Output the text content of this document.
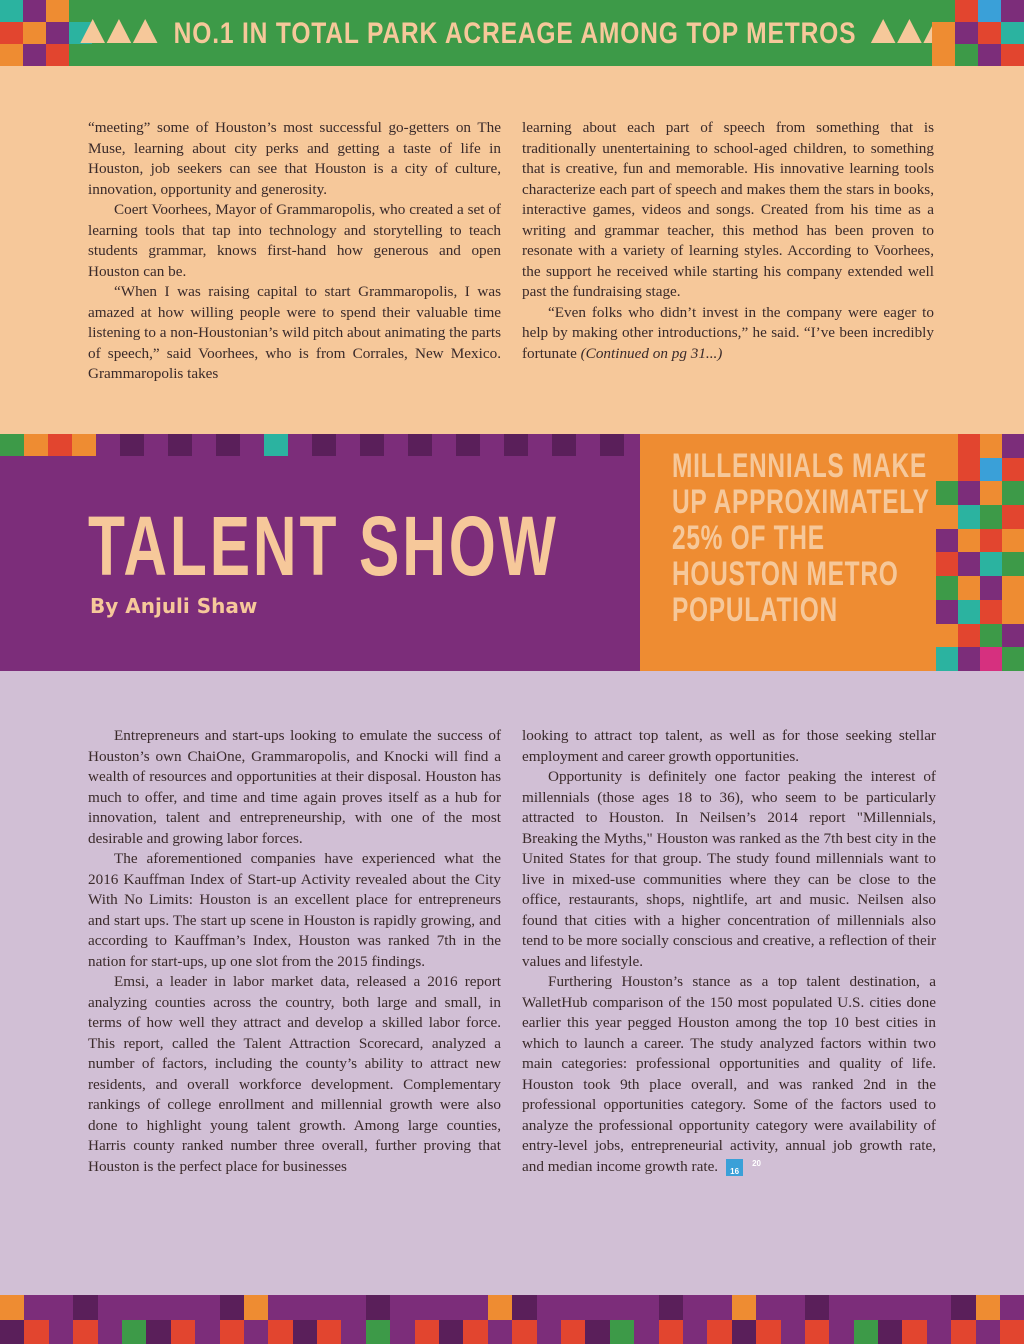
NO.1 IN TOTAL PARK ACREAGE AMONG TOP METROS

“meeting” some of Houston’s most successful go-getters on The Muse, learning about city perks and getting a taste of life in Houston, job seekers can see that Houston is a city of culture, innovation, opportunity and generosity.

Coert Voorhees, Mayor of Grammaropolis, who created a set of learning tools that tap into technology and storytelling to teach students grammar, knows first-hand how generous and open Houston can be.

“When I was raising capital to start Grammaropolis, I was amazed at how willing people were to spend their valuable time listening to a non-Houstonian’s wild pitch about animating the parts of speech,” said Voorhees, who is from Corrales, New Mexico. Grammaropolis takes

learning about each part of speech from something that is traditionally unentertaining to school-aged children, to something that is creative, fun and memorable. His innovative learning tools characterize each part of speech and makes them the stars in books, interactive games, videos and songs. Created from his time as a writing and grammar teacher, this method has been proven to resonate with a variety of learning styles. According to Voorhees, the support he received while starting his company extended well past the fundraising stage.

“Even folks who didn’t invest in the company were eager to help by making other introductions,” he said. “I’ve been incredibly fortunate (Continued on pg 31...)

TALENT SHOW
By Anjuli Shaw
MILLENNIALS MAKE UP APPROXIMATELY 25% OF THE HOUSTON METRO POPULATION

Entrepreneurs and start-ups looking to emulate the success of Houston’s own ChaiOne, Grammaropolis, and Knocki will find a wealth of resources and opportunities at their disposal. Houston has much to offer, and time and time again proves itself as a hub for innovation, talent and entrepreneurship, with one of the most desirable and growing labor forces.

The aforementioned companies have experienced what the 2016 Kauffman Index of Start-up Activity revealed about the City With No Limits: Houston is an excellent place for entrepreneurs and start ups. The start up scene in Houston is rapidly growing, and according to Kauffman’s Index, Houston was ranked 7th in the nation for start-ups, up one slot from the 2015 findings.

Emsi, a leader in labor market data, released a 2016 report analyzing counties across the country, both large and small, in terms of how well they attract and develop a skilled labor force. This report, called the Talent Attraction Scorecard, analyzed a number of factors, including the county’s ability to attract new residents, and overall workforce development. Complementary rankings of college enrollment and millennial growth were also done to highlight young talent growth. Among large counties, Harris county ranked number three overall, further proving that Houston is the perfect place for businesses

looking to attract top talent, as well as for those seeking stellar employment and career growth opportunities.

Opportunity is definitely one factor peaking the interest of millennials (those ages 18 to 36), who seem to be particularly attracted to Houston. In Neilsen’s 2014 report "Millennials, Breaking the Myths," Houston was ranked as the 7th best city in the United States for that group. The study found millennials want to live in mixed-use communities where they can be close to the office, restaurants, shops, nightlife, art and music. Neilsen also found that cities with a higher concentration of millennials also tend to be more socially conscious and creative, a reflection of their values and lifestyle.

Furthering Houston’s stance as a top talent destination, a WalletHub comparison of the 150 most populated U.S. cities done earlier this year pegged Houston among the top 10 best cities in which to launch a career. The study analyzed factors within two main categories: professional opportunities and quality of life. Houston took 9th place overall, and was ranked 2nd in the professional opportunities category. Some of the factors used to analyze the professional opportunity category were availability of entry-level jobs, entrepreneurial activity, annual job growth rate, and median income growth rate.	20
16
